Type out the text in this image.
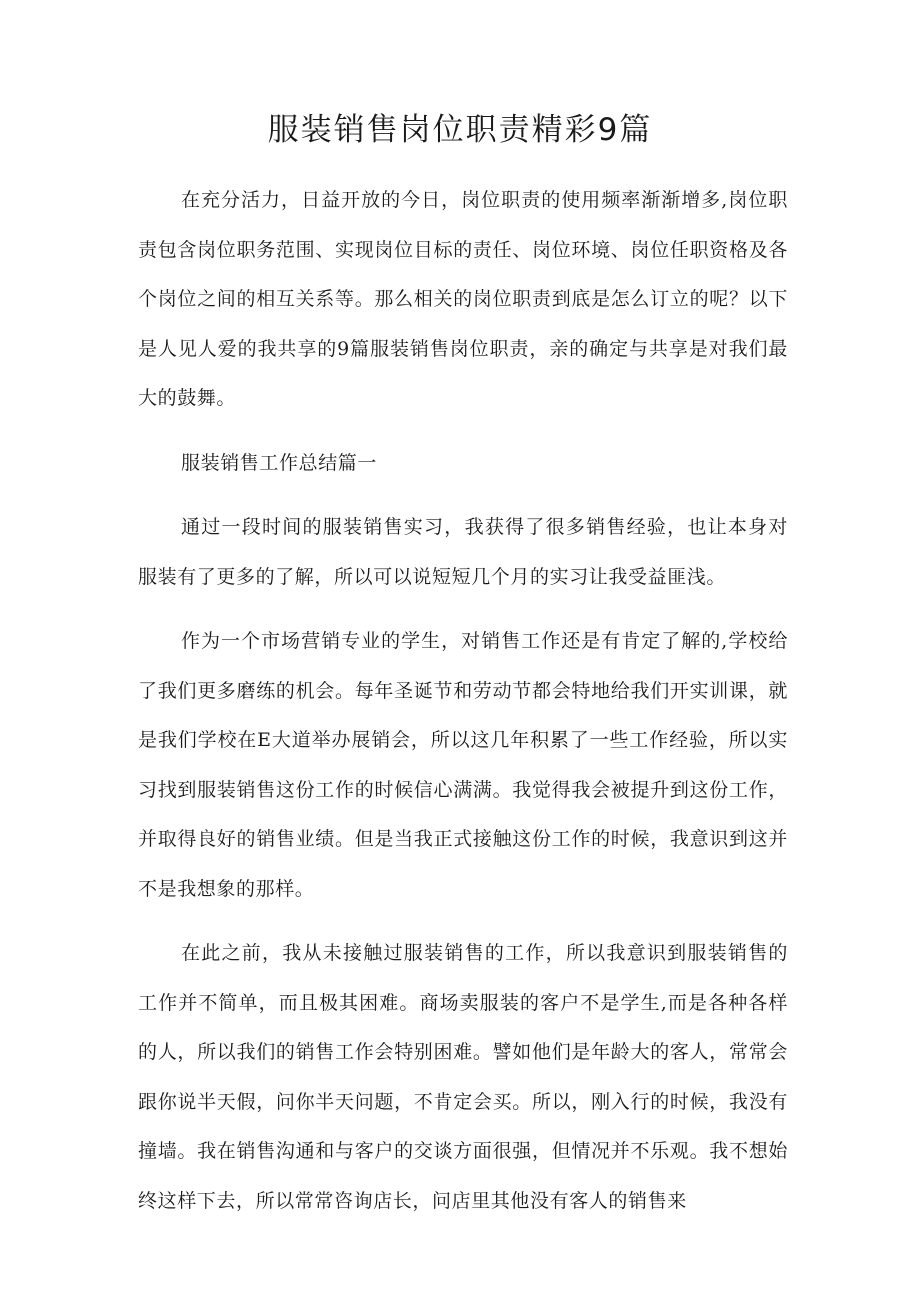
服装销售岗位职责精彩9篇

在充分活力，日益开放的今日，岗位职责的使用频率渐渐增多,岗位职责包含岗位职务范围、实现岗位目标的责任、岗位环境、岗位任职资格及各个岗位之间的相互关系等。那么相关的岗位职责到底是怎么订立的呢？以下是人见人爱的我共享的9篇服装销售岗位职责，亲的确定与共享是对我们最大的鼓舞。

服装销售工作总结篇一

通过一段时间的服装销售实习，我获得了很多销售经验，也让本身对服装有了更多的了解，所以可以说短短几个月的实习让我受益匪浅。

作为一个市场营销专业的学生，对销售工作还是有肯定了解的,学校给了我们更多磨练的机会。每年圣诞节和劳动节都会特地给我们开实训课，就是我们学校在E大道举办展销会，所以这几年积累了一些工作经验，所以实习找到服装销售这份工作的时候信心满满。我觉得我会被提升到这份工作，并取得良好的销售业绩。但是当我正式接触这份工作的时候，我意识到这并不是我想象的那样。

在此之前，我从未接触过服装销售的工作，所以我意识到服装销售的工作并不简单，而且极其困难。商场卖服装的客户不是学生,而是各种各样的人，所以我们的销售工作会特别困难。譬如他们是年龄大的客人，常常会跟你说半天假，问你半天问题，不肯定会买。所以，刚入行的时候，我没有撞墙。我在销售沟通和与客户的交谈方面很强，但情况并不乐观。我不想始终这样下去，所以常常咨询店长，问店里其他没有客人的销售来
